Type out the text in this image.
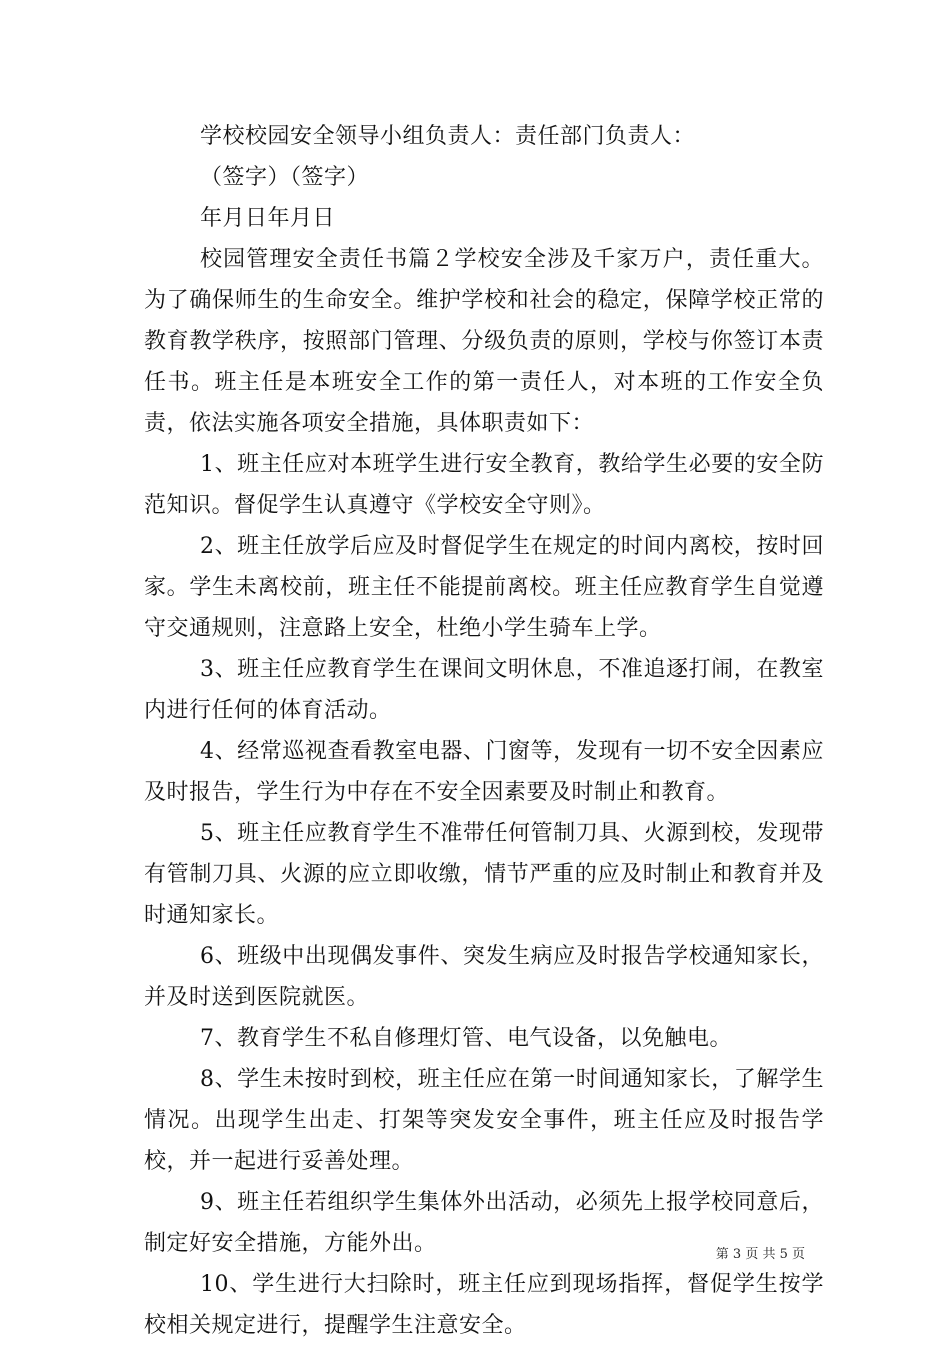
学校校园安全领导小组负责人：责任部门负责人：

（签字）（签字）

年月日年月日

校园管理安全责任书篇２学校安全涉及千家万户，责任重大。为了确保师生的生命安全。维护学校和社会的稳定，保障学校正常的教育教学秩序，按照部门管理、分级负责的原则，学校与你签订本责任书。班主任是本班安全工作的第一责任人，对本班的工作安全负责，依法实施各项安全措施，具体职责如下：

1、班主任应对本班学生进行安全教育，教给学生必要的安全防范知识。督促学生认真遵守《学校安全守则》。

2、班主任放学后应及时督促学生在规定的时间内离校，按时回家。学生未离校前，班主任不能提前离校。班主任应教育学生自觉遵守交通规则，注意路上安全，杜绝小学生骑车上学。

3、班主任应教育学生在课间文明休息，不准追逐打闹，在教室内进行任何的体育活动。

4、经常巡视查看教室电器、门窗等，发现有一切不安全因素应及时报告，学生行为中存在不安全因素要及时制止和教育。

5、班主任应教育学生不准带任何管制刀具、火源到校，发现带有管制刀具、火源的应立即收缴，情节严重的应及时制止和教育并及时通知家长。

6、班级中出现偶发事件、突发生病应及时报告学校通知家长，并及时送到医院就医。

7、教育学生不私自修理灯管、电气设备，以免触电。

8、学生未按时到校，班主任应在第一时间通知家长，了解学生情况。出现学生出走、打架等突发安全事件，班主任应及时报告学校，并一起进行妥善处理。

9、班主任若组织学生集体外出活动，必须先上报学校同意后，制定好安全措施，方能外出。

10、学生进行大扫除时，班主任应到现场指挥，督促学生按学校相关规定进行，提醒学生注意安全。

第 3 页 共 5 页
